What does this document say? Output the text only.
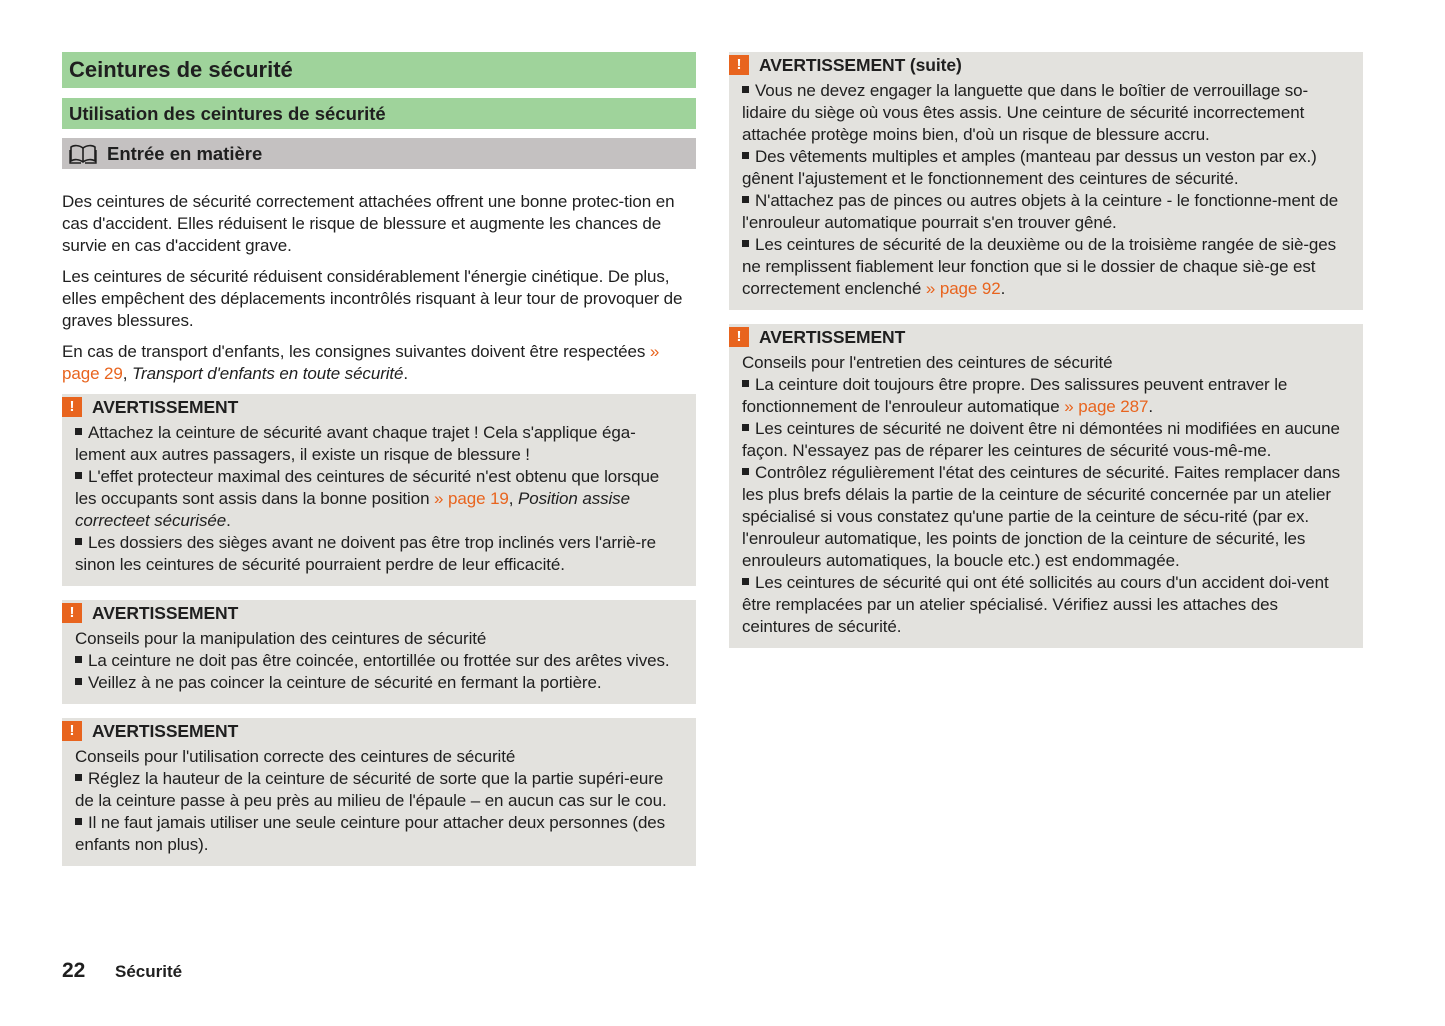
Ceintures de sécurité
Utilisation des ceintures de sécurité
Entrée en matière

Des ceintures de sécurité correctement attachées offrent une bonne protec-tion en cas d'accident. Elles réduisent le risque de blessure et augmente les chances de survie en cas d'accident grave.

Les ceintures de sécurité réduisent considérablement l'énergie cinétique. De plus, elles empêchent des déplacements incontrôlés risquant à leur tour de provoquer de graves blessures.

En cas de transport d'enfants, les consignes suivantes doivent être respectées » page 29, Transport d'enfants en toute sécurité.

!	AVERTISSEMENT

Attachez la ceinture de sécurité avant chaque trajet ! Cela s'applique éga-lement aux autres passagers, il existe un risque de blessure !

L'effet protecteur maximal des ceintures de sécurité n'est obtenu que lorsque les occupants sont assis dans la bonne position » page 19, Position assise correcteet sécurisée.

Les dossiers des sièges avant ne doivent pas être trop inclinés vers l'arriè-re sinon les ceintures de sécurité pourraient perdre de leur efficacité.

!	AVERTISSEMENT

Conseils pour la manipulation des ceintures de sécurité

La ceinture ne doit pas être coincée, entortillée ou frottée sur des arêtes vives.

Veillez à ne pas coincer la ceinture de sécurité en fermant la portière.

!	AVERTISSEMENT

Conseils pour l'utilisation correcte des ceintures de sécurité

Réglez la hauteur de la ceinture de sécurité de sorte que la partie supéri-eure de la ceinture passe à peu près au milieu de l'épaule – en aucun cas sur le cou.

Il ne faut jamais utiliser une seule ceinture pour attacher deux personnes (des enfants non plus).

!	AVERTISSEMENT (suite)

Vous ne devez engager la languette que dans le boîtier de verrouillage so-lidaire du siège où vous êtes assis. Une ceinture de sécurité incorrectement attachée protège moins bien, d'où un risque de blessure accru.

Des vêtements multiples et amples (manteau par dessus un veston par ex.) gênent l'ajustement et le fonctionnement des ceintures de sécurité.

N'attachez pas de pinces ou autres objets à la ceinture - le fonctionne-ment de l'enrouleur automatique pourrait s'en trouver gêné.

Les ceintures de sécurité de la deuxième ou de la troisième rangée de siè-ges ne remplissent fiablement leur fonction que si le dossier de chaque siè-ge est correctement enclenché » page 92.

!	AVERTISSEMENT

Conseils pour l'entretien des ceintures de sécurité

La ceinture doit toujours être propre. Des salissures peuvent entraver le fonctionnement de l'enrouleur automatique » page 287.

Les ceintures de sécurité ne doivent être ni démontées ni modifiées en aucune façon. N'essayez pas de réparer les ceintures de sécurité vous-mê-me.

Contrôlez régulièrement l'état des ceintures de sécurité. Faites remplacer dans les plus brefs délais la partie de la ceinture de sécurité concernée par un atelier spécialisé si vous constatez qu'une partie de la ceinture de sécu-rité (par ex. l'enrouleur automatique, les points de jonction de la ceinture de sécurité, les enrouleurs automatiques, la boucle etc.) est endommagée.

Les ceintures de sécurité qui ont été sollicités au cours d'un accident doi-vent être remplacées par un atelier spécialisé. Vérifiez aussi les attaches des ceintures de sécurité.

22 Sécurité
